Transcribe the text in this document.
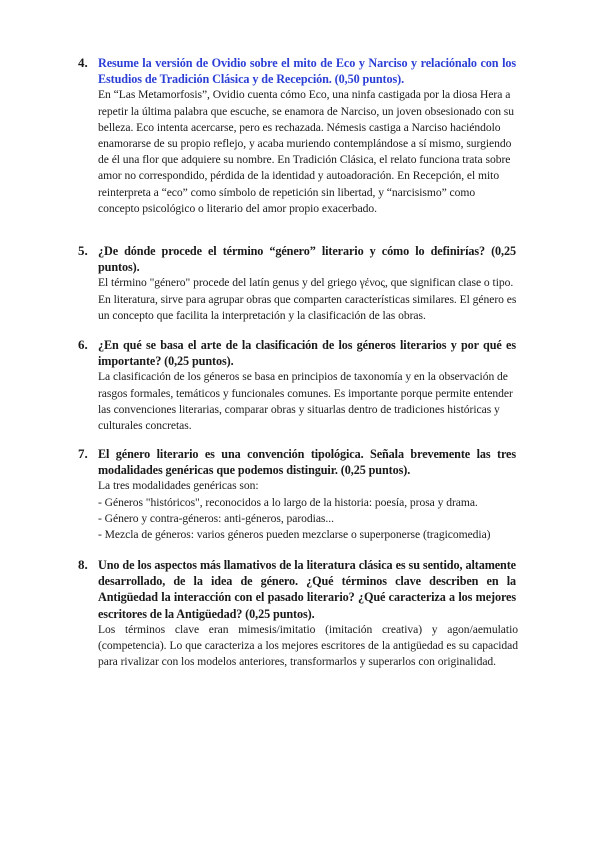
4. Resume la versión de Ovidio sobre el mito de Eco y Narciso y relaciónalo con los Estudios de Tradición Clásica y de Recepción. (0,50 puntos).
En “Las Metamorfosis”, Ovidio cuenta cómo Eco, una ninfa castigada por la diosa Hera a repetir la última palabra que escuche, se enamora de Narciso, un joven obsesionado con su belleza. Eco intenta acercarse, pero es rechazada. Némesis castiga a Narciso haciéndolo enamorarse de su propio reflejo, y acaba muriendo contemplándose a sí mismo, surgiendo de él una flor que adquiere su nombre. En Tradición Clásica, el relato funciona trata sobre amor no correspondido, pérdida de la identidad y autoadoración. En Recepción, el mito reinterpreta a “eco” como símbolo de repetición sin libertad, y “narcisismo” como concepto psicológico o literario del amor propio exacerbado.
5. ¿De dónde procede el término “género” literario y cómo lo definirías? (0,25 puntos).
El término "género" procede del latín genus y del griego γένος, que significan clase o tipo. En literatura, sirve para agrupar obras que comparten características similares. El género es un concepto que facilita la interpretación y la clasificación de las obras.
6. ¿En qué se basa el arte de la clasificación de los géneros literarios y por qué es importante? (0,25 puntos).
La clasificación de los géneros se basa en principios de taxonomía y en la observación de rasgos formales, temáticos y funcionales comunes. Es importante porque permite entender las convenciones literarias, comparar obras y situarlas dentro de tradiciones históricas y culturales concretas.
7. El género literario es una convención tipológica. Señala brevemente las tres modalidades genéricas que podemos distinguir. (0,25 puntos).
La tres modalidades genéricas son:
- Géneros "históricos", reconocidos a lo largo de la historia: poesía, prosa y drama.
- Género y contra-géneros: anti-géneros, parodias...
- Mezcla de géneros: varios géneros pueden mezclarse o superponerse (tragicomedia)
8. Uno de los aspectos más llamativos de la literatura clásica es su sentido, altamente desarrollado, de la idea de género. ¿Qué términos clave describen en la Antigüedad la interacción con el pasado literario? ¿Qué caracteriza a los mejores escritores de la Antigüedad? (0,25 puntos).
Los términos clave eran mimesis/imitatio (imitación creativa) y agon/aemulatio (competencia). Lo que caracteriza a los mejores escritores de la antigüedad es su capacidad para rivalizar con los modelos anteriores, transformarlos y superarlos con originalidad.
